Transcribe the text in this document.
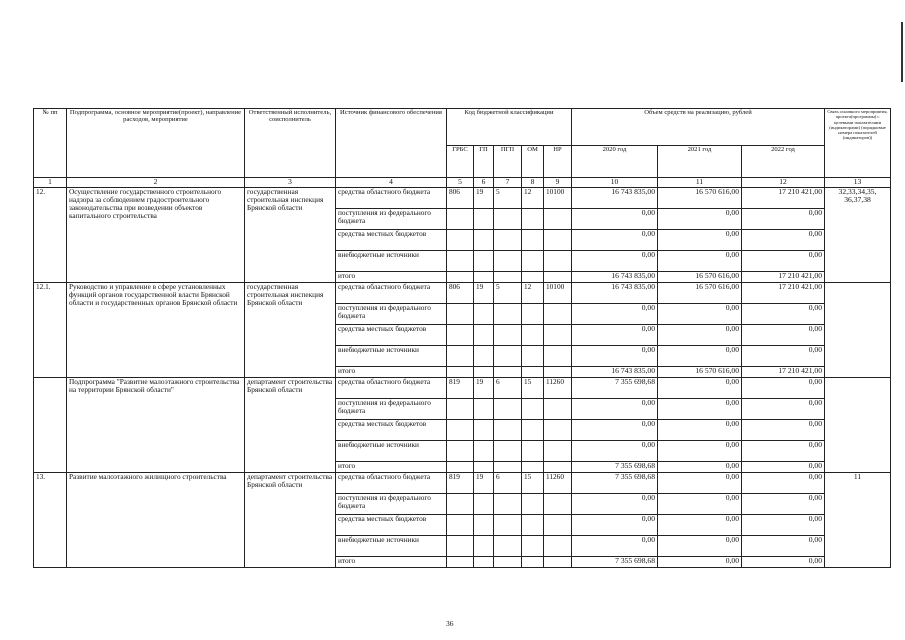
№ пп	Подпрограмма, основное мероприятие(проект), направление расходов, мероприятие	Ответственный исполнитель, соисполнитель	Источник финансового обеспечения	Код бюджетной классификации					Объем средств на реализацию, рублей			Связь основного мероприятия, проекта(программы) с целевыми показателями (индикаторами) (порядковые номера показателей (индикаторов))
				ГРБС	ГП	ПГП	ОМ	НР	2020 год	2021 год	2022 год	
1	2	3	4	5	6	7	8	9	10	11	12	13
12.	Осуществление государственного строительного надзора за соблюдением градостроительного законодательства при возведении объектов капитального строительства	государственная строительная инспекция Брянской области	средства областного бюджета	806	19	5	12	10100	16 743 835,00	16 570 616,00	17 210 421,00	32,33,34,35, 36,37,38
			поступления из федерального бюджета						0,00	0,00	0,00	
			средства местных бюджетов						0,00	0,00	0,00	
			внебюджетные источники						0,00	0,00	0,00	
			итого						16 743 835,00	16 570 616,00	17 210 421,00	
12.1.	Руководство и управление в сфере установленных функций органов государственной власти Брянской области и государственных органов Брянской области	государственная строительная инспекция Брянской области	средства областного бюджета	806	19	5	12	10100	16 743 835,00	16 570 616,00	17 210 421,00	
			поступления из федерального бюджета						0,00	0,00	0,00	
			средства местных бюджетов						0,00	0,00	0,00	
			внебюджетные источники						0,00	0,00	0,00	
			итого						16 743 835,00	16 570 616,00	17 210 421,00	
	Подпрограмма "Развитие малоэтажного строительства на территории Брянской области"	департамент строительства Брянской области	средства областного бюджета	819	19	6	15	11260	7 355 698,68	0,00	0,00	
			поступления из федерального бюджета						0,00	0,00	0,00	
			средства местных бюджетов						0,00	0,00	0,00	
			внебюджетные источники						0,00	0,00	0,00	
			итого						7 355 698,68	0,00	0,00	
13.	Развитие малоэтажного жилищного строительства	департамент строительства Брянской области	средства областного бюджета	819	19	6	15	11260	7 355 698,68	0,00	0,00	11
			поступления из федерального бюджета						0,00	0,00	0,00	
			средства местных бюджетов						0,00	0,00	0,00	
			внебюджетные источники						0,00	0,00	0,00	
			итого						7 355 698,68	0,00	0,00	
36
